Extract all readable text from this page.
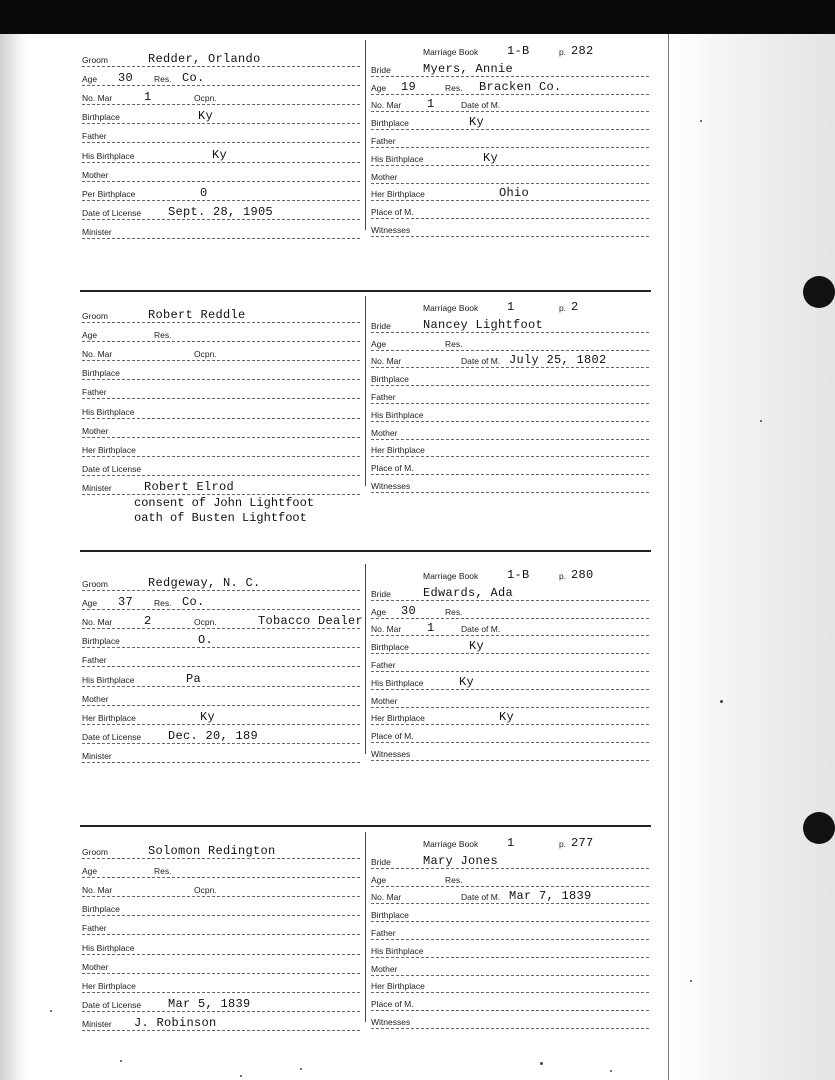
Groom	Redder, Orlando
Age 30 Res. Co.
No. Mar	1	Ocpn.
Birthplace	Ky
Father
His Birthplace	Ky
Mother
Per Birthplace	0
Date of License Sept. 28, 1905
Minister
Marriage Book 1-B	p. 282
Bride	Myers, Annie
Age 19	Res. Bracken Co.
No. Mar 1	Date of M.
Birthplace	Ky
Father
His Birthplace	Ky
Mother
Her Birthplace	Ohio
Place of M.
Witnesses
Groom	Robert Reddle
Age	Res.
No. Mar	Ocpn.
Birthplace
Father
His Birthplace
Mother
Her Birthplace
Date of License
Minister	Robert Elrod
consent of John Lightfoot
oath of Busten Lightfoot
Marriage Book 1	p. 2
Bride	Nancey Lightfoot
Age	Res.
No. Mar	Date of M. July 25, 1802
Birthplace
Father
His Birthplace
Mother
Her Birthplace
Place of M.
Witnesses
Groom	Redgeway, N. C.
Age 37 Res. Co.
No. Mar	2	Ocpn.	Tobacco Dealer
Birthplace	O.
Father
His Birthplace	Pa
Mother
Her Birthplace	Ky
Date of License Dec. 20, 189
Minister
Marriage Book 1-B	p. 280
Bride	Edwards, Ada
Age 30	Res.
No. Mar 1	Date of M.
Birthplace	Ky
Father
His Birthplace	Ky
Mother
Her Birthplace	Ky
Place of M.
Witnesses
Groom	Solomon Redington
Age	Res.
No. Mar	Ocpn.
Birthplace
Father
His Birthplace
Mother
Her Birthplace
Date of License Mar 5, 1839
Minister J. Robinson
Marriage Book 1	p. 277
Bride	Mary Jones
Age	Res.
No. Mar	Date of M. Mar 7, 1839
Birthplace
Father
His Birthplace
Mother
Her Birthplace
Place of M.
Witnesses
